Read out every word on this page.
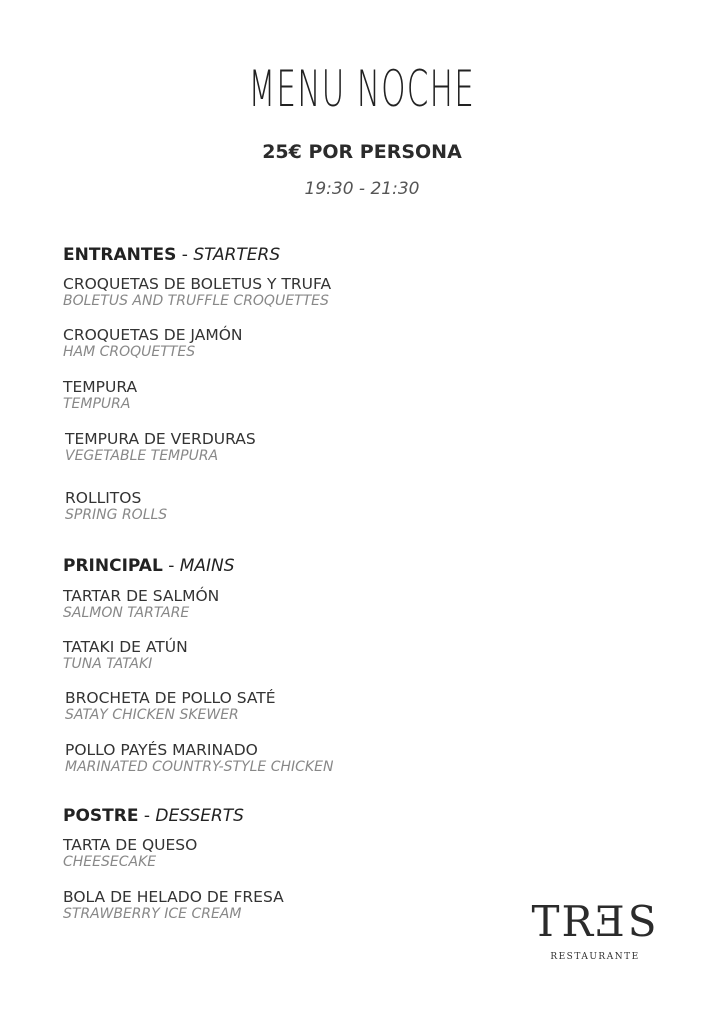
MENU NOCHE
25€ POR PERSONA
19:30 - 21:30
ENTRANTES - STARTERS
CROQUETAS DE BOLETUS Y TRUFA
BOLETUS AND TRUFFLE CROQUETTES
CROQUETAS DE JAMÓN
HAM CROQUETTES
TEMPURA
TEMPURA
TEMPURA DE VERDURAS
VEGETABLE TEMPURA
ROLLITOS
SPRING ROLLS
PRINCIPAL - MAINS
TARTAR DE SALMÓN
SALMON TARTARE
TATAKI DE ATÚN
TUNA TATAKI
BROCHETA DE POLLO SATÉ
SATAY CHICKEN SKEWER
POLLO PAYÉS MARINADO
MARINATED COUNTRY-STYLE CHICKEN
POSTRE - DESSERTS
TARTA DE QUESO
CHEESECAKE
BOLA DE HELADO DE FRESA
STRAWBERRY ICE CREAM	TRƎS
RESTAURANTE
